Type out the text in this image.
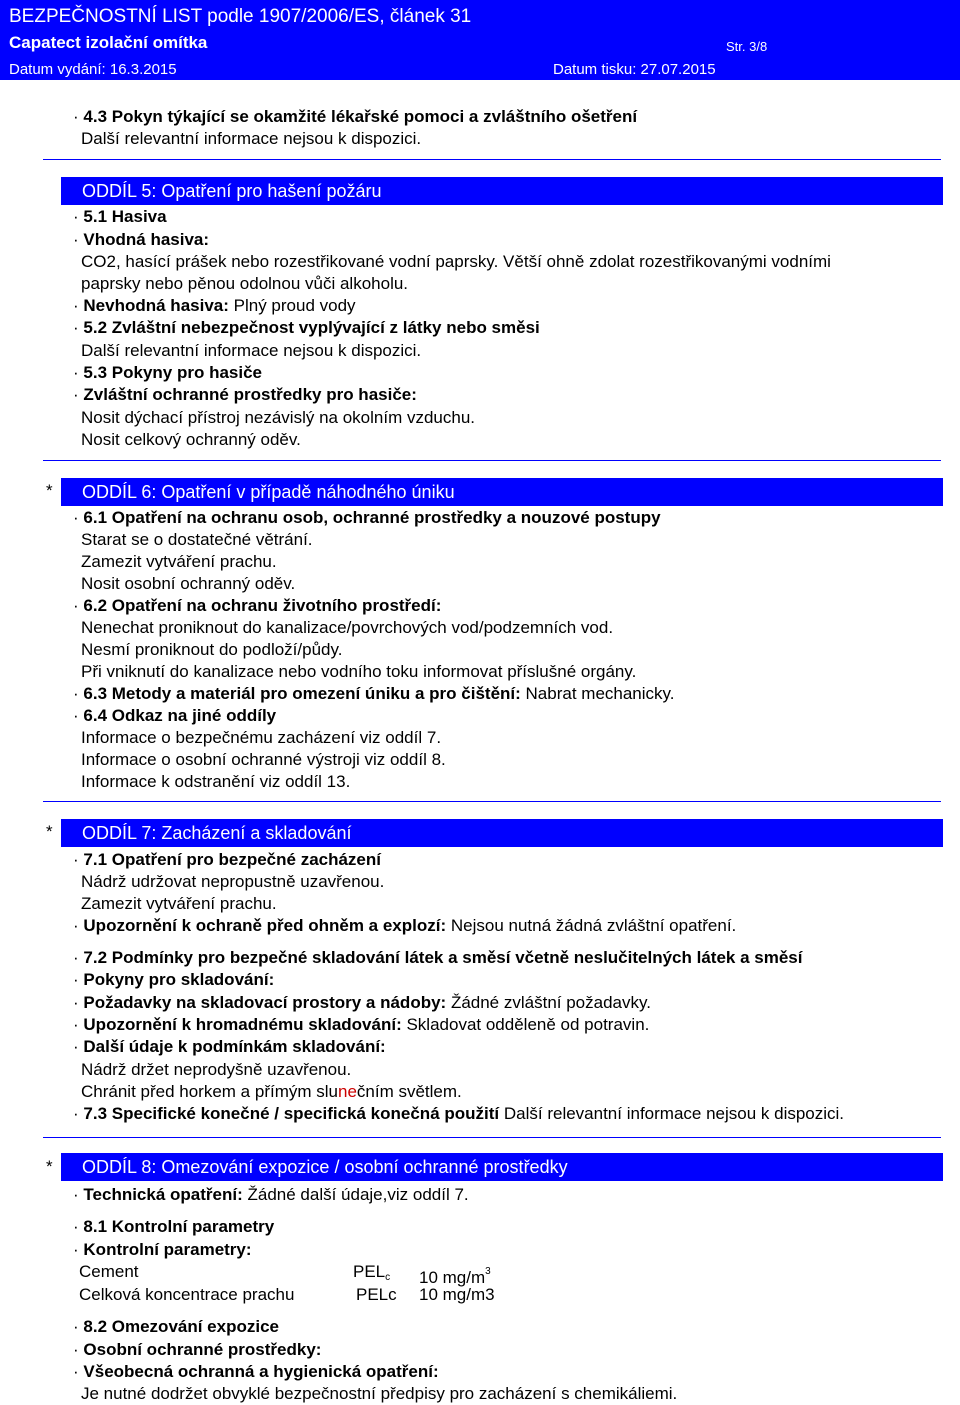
BEZPEČNOSTNÍ LIST podle 1907/2006/ES, článek 31
Capatect izolační omítka	Str. 3/8
Datum vydání: 16.3.2015	Datum tisku: 27.07.2015
· 4.3 Pokyn týkající se okamžité lékařské pomoci a zvláštního ošetření
Další relevantní informace nejsou k dispozici.
ODDÍL 5: Opatření pro hašení požáru
· 5.1 Hasiva
· Vhodná hasiva:
CO2, hasící prášek nebo rozestřikované vodní paprsky. Větší ohně zdolat rozestřikovanými vodními
paprsky nebo pěnou odolnou vůči alkoholu.
· Nevhodná hasiva: Plný proud vody
· 5.2 Zvláštní nebezpečnost vyplývající z látky nebo směsi
Další relevantní informace nejsou k dispozici.
· 5.3 Pokyny pro hasiče
· Zvláštní ochranné prostředky pro hasiče:
Nosit dýchací přístroj nezávislý na okolním vzduchu.
Nosit celkový ochranný oděv.
*	ODDÍL 6: Opatření v případě náhodného úniku
· 6.1 Opatření na ochranu osob, ochranné prostředky a nouzové postupy
Starat se o dostatečné větrání.
Zamezit vytváření prachu.
Nosit osobní ochranný oděv.
· 6.2 Opatření na ochranu životního prostředí:
Nenechat proniknout do kanalizace/povrchových vod/podzemních vod.
Nesmí proniknout do podloží/půdy.
Při vniknutí do kanalizace nebo vodního toku informovat příslušné orgány.
· 6.3 Metody a materiál pro omezení úniku a pro čištění: Nabrat mechanicky.
· 6.4 Odkaz na jiné oddíly
Informace o bezpečnému zacházení viz oddíl 7.
Informace o osobní ochranné výstroji viz oddíl 8.
Informace k odstranění viz oddíl 13.
*	ODDÍL 7: Zacházení a skladování
· 7.1 Opatření pro bezpečné zacházení
Nádrž udržovat nepropustně uzavřenou.
Zamezit vytváření prachu.
· Upozornění k ochraně před ohněm a explozí: Nejsou nutná žádná zvláštní opatření.
· 7.2 Podmínky pro bezpečné skladování látek a směsí včetně neslučitelných látek a směsí
· Pokyny pro skladování:
· Požadavky na skladovací prostory a nádoby: Žádné zvláštní požadavky.
· Upozornění k hromadnému skladování: Skladovat odděleně od potravin.
· Další údaje k podmínkám skladování:
Nádrž držet neprodyšně uzavřenou.
Chránit před horkem a přímým slunečním světlem.
· 7.3 Specifické konečné / specifická konečná použití Další relevantní informace nejsou k dispozici.
*	ODDÍL 8: Omezování expozice / osobní ochranné prostředky
· Technická opatření: Žádné další údaje,viz oddíl 7.
· 8.1 Kontrolní parametry
· Kontrolní parametry:
Cement	$PEL_c$ 10 $mg/m^3$
Celková koncentrace prachu	PELc 10 mg/m3
· 8.2 Omezování expozice
· Osobní ochranné prostředky:
· Všeobecná ochranná a hygienická opatření:
Je nutné dodržet obvyklé bezpečnostní předpisy pro zacházení s chemikáliemi.
